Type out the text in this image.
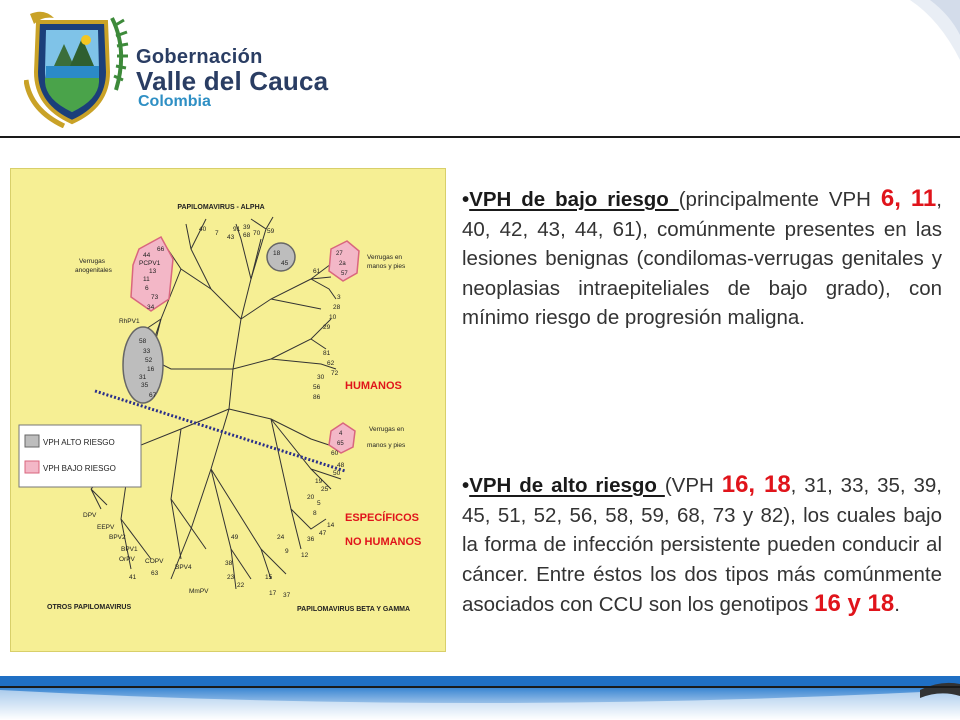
Gobernación
Valle del Cauca
Colombia
PAPILOMAVIRUS - ALPHA
66
44
PCPV1
13
11
6
73
34
Verrugas
anogenitales
RhPV1
58
33
52
16
31
35
67
40
7
43
91 39
70 59
68
18
45
27
2a
57
Verrugas en
manos y pies
61
3
28
10
29
81
62
72
30
56
86
HUMANOS
4
65
Verrugas en
manos y pies
60
48
50
19
25
20
5
8
24	36
47
9
12
14
ESPECÍFICOS
NO HUMANOS
49
38
23
22
17 37
15
MmPV
DPV
EEPV
BPV2
BPV1
OrPV COPV
63
41
BPV4
OTROS PAPILOMAVIRUS	PAPILOMAVIRUS BETA Y GAMMA
VPH ALTO RIESGO
VPH BAJO RIESGO

•VPH de bajo riesgo (principalmente VPH 6, 11, 40, 42, 43, 44, 61), comúnmente presentes en las lesiones benignas (condilomas-verrugas genitales y neoplasias intraepiteliales de bajo grado), con mínimo riesgo de progresión maligna.

•VPH de alto riesgo (VPH 16, 18, 31, 33, 35, 39, 45, 51, 52, 56, 58, 59, 68, 73 y 82), los cuales bajo la forma de infección persistente pueden conducir al cáncer. Entre éstos los dos tipos más comúnmente asociados con CCU son los genotipos 16 y 18.
